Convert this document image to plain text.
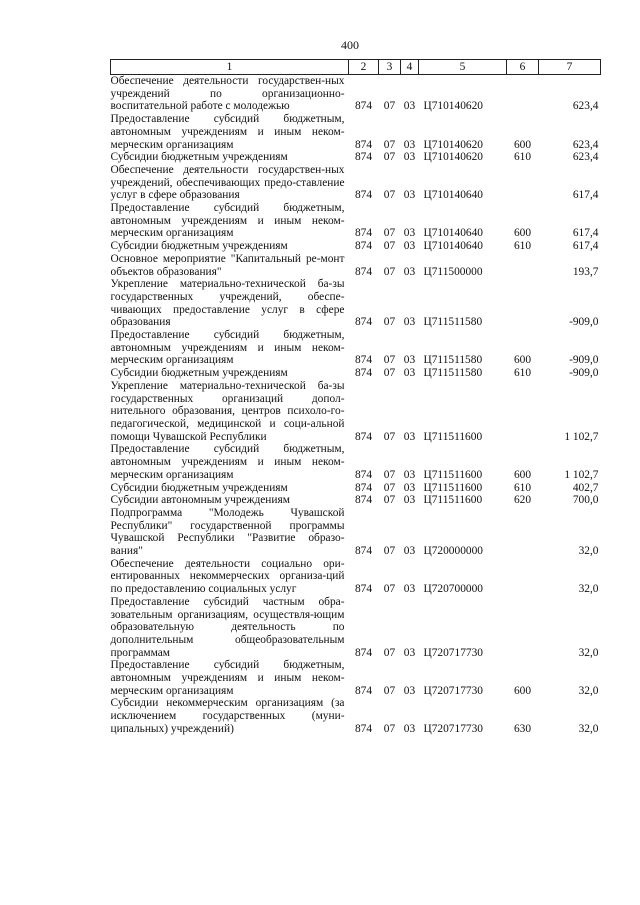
400
1	2	3	4	5	6	7
Обеспечение деятельности государствен-ных учреждений по организационно-воспитательной работе с молодежью	874	07	03	Ц710140620		623,4
Предоставление субсидий бюджетным, автономным учреждениям и иным неком-мерческим организациям	874	07	03	Ц710140620	600	623,4
Субсидии бюджетным учреждениям	874	07	03	Ц710140620	610	623,4
Обеспечение деятельности государствен-ных учреждений, обеспечивающих предо-ставление услуг в сфере образования	874	07	03	Ц710140640		617,4
Предоставление субсидий бюджетным, автономным учреждениям и иным неком-мерческим организациям	874	07	03	Ц710140640	600	617,4
Субсидии бюджетным учреждениям	874	07	03	Ц710140640	610	617,4
Основное мероприятие "Капитальный ре-монт объектов образования"	874	07	03	Ц711500000		193,7
Укрепление материально-технической ба-зы государственных учреждений, обеспе-чивающих предоставление услуг в сфере образования	874	07	03	Ц711511580		-909,0
Предоставление субсидий бюджетным, автономным учреждениям и иным неком-мерческим организациям	874	07	03	Ц711511580	600	-909,0
Субсидии бюджетным учреждениям	874	07	03	Ц711511580	610	-909,0
Укрепление материально-технической ба-зы государственных организаций допол-нительного образования, центров психоло-го-педагогической, медицинской и соци-альной помощи Чувашской Республики	874	07	03	Ц711511600		1 102,7
Предоставление субсидий бюджетным, автономным учреждениям и иным неком-мерческим организациям	874	07	03	Ц711511600	600	1 102,7
Субсидии бюджетным учреждениям	874	07	03	Ц711511600	610	402,7
Субсидии автономным учреждениям	874	07	03	Ц711511600	620	700,0
Подпрограмма "Молодежь Чувашской Республики" государственной программы Чувашской Республики "Развитие образо-вания"	874	07	03	Ц720000000		32,0
Обеспечение деятельности социально ори-ентированных некоммерческих организа-ций по предоставлению социальных услуг	874	07	03	Ц720700000		32,0
Предоставление субсидий частным обра-зовательным организациям, осуществля-ющим образовательную деятельность по дополнительным общеобразовательным программам	874	07	03	Ц720717730		32,0
Предоставление субсидий бюджетным, автономным учреждениям и иным неком-мерческим организациям	874	07	03	Ц720717730	600	32,0
Субсидии некоммерческим организациям (за исключением государственных (муни-ципальных) учреждений)	874	07	03	Ц720717730	630	32,0
